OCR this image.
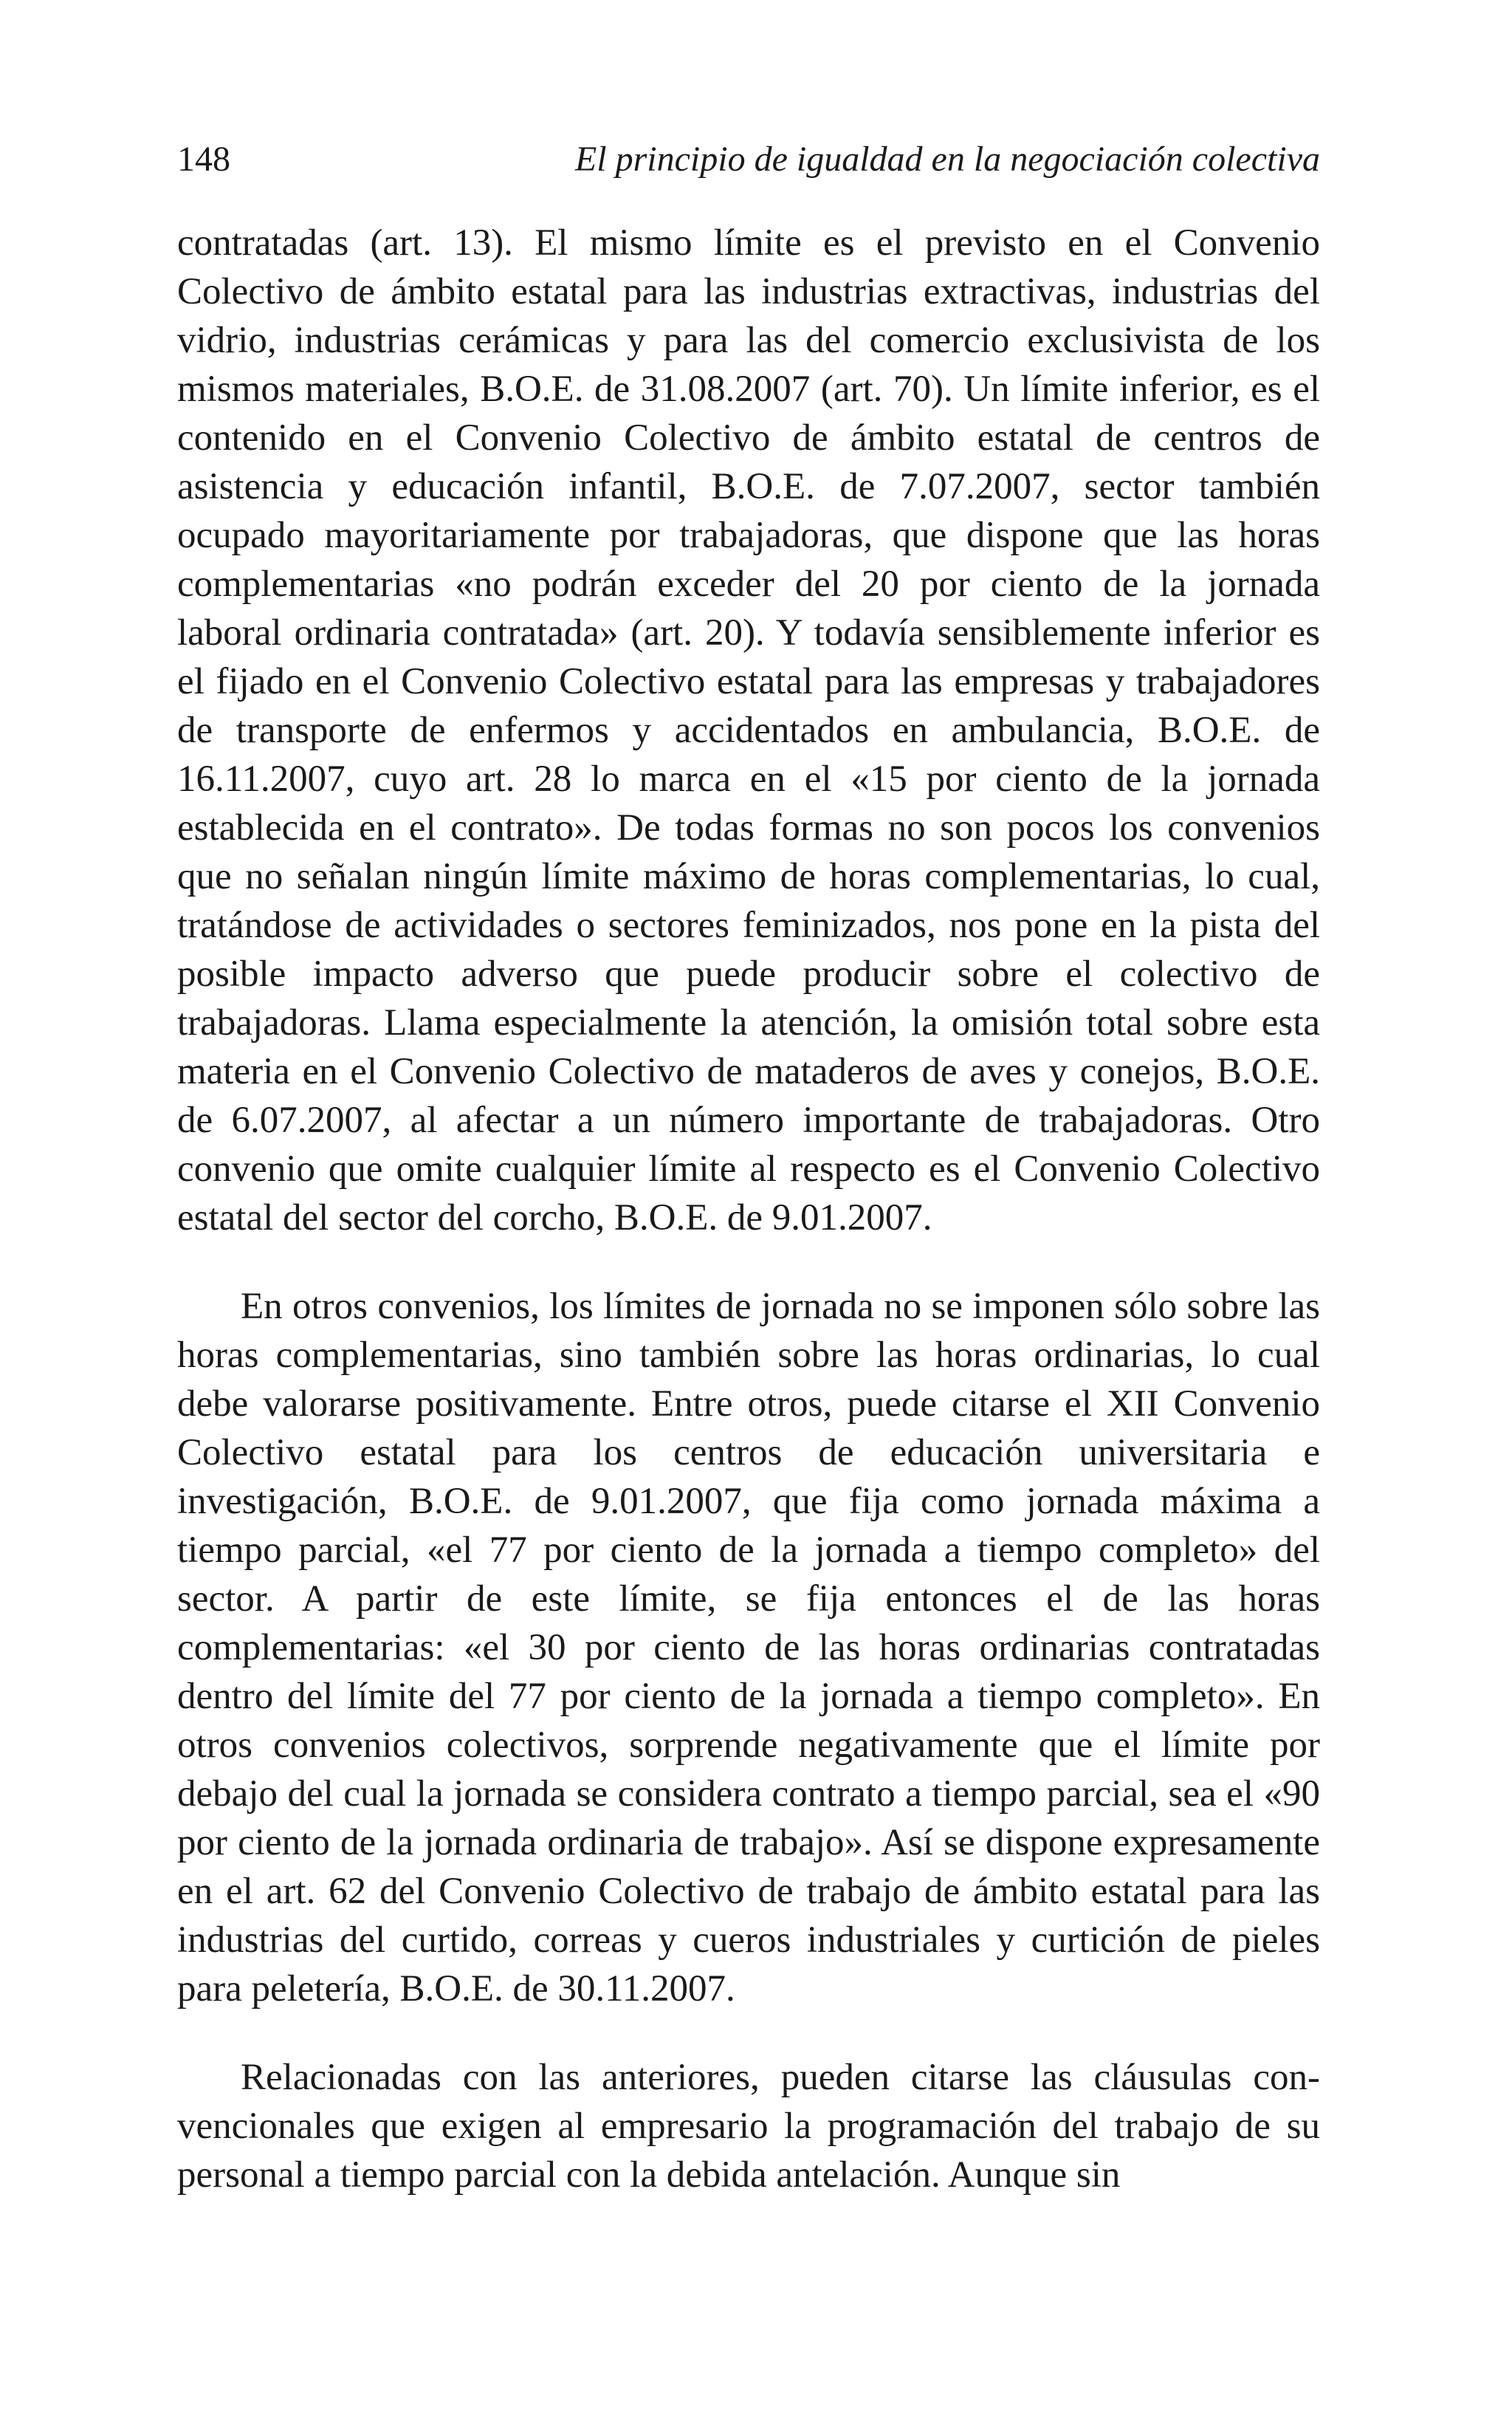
148	El principio de igualdad en la negociación colectiva

contratadas (art. 13). El mismo límite es el previsto en el Convenio Colectivo de ámbito estatal para las industrias extractivas, industrias del vidrio, industrias cerámicas y para las del comercio exclusivista de los mismos materiales, B.O.E. de 31.08.2007 (art. 70). Un límite inferior, es el contenido en el Convenio Colectivo de ámbito estatal de centros de asistencia y educación infantil, B.O.E. de 7.07.2007, sector también ocupado mayoritariamente por trabajadoras, que dispone que las horas complementarias «no podrán exceder del 20 por ciento de la jornada laboral ordinaria contratada» (art. 20). Y todavía sensiblemente inferior es el fijado en el Convenio Colectivo estatal para las empresas y trabajadores de transporte de enfermos y accidentados en ambulancia, B.O.E. de 16.11.2007, cuyo art. 28 lo marca en el «15 por ciento de la jornada establecida en el contrato». De todas formas no son pocos los convenios que no señalan ningún límite máximo de horas complementarias, lo cual, tratándose de actividades o sectores feminizados, nos pone en la pista del posible impacto adverso que puede producir sobre el colectivo de trabajadoras. Llama especialmente la atención, la omisión total sobre esta materia en el Convenio Colectivo de mataderos de aves y conejos, B.O.E. de 6.07.2007, al afectar a un número importante de trabajadoras. Otro convenio que omite cualquier límite al respecto es el Convenio Colectivo estatal del sector del corcho, B.O.E. de 9.01.2007.

En otros convenios, los límites de jornada no se imponen sólo sobre las horas complementarias, sino también sobre las horas ordinarias, lo cual debe valorarse positivamente. Entre otros, puede citarse el XII Convenio Colectivo estatal para los centros de educación universitaria e investigación, B.O.E. de 9.01.2007, que fija como jornada máxima a tiempo parcial, «el 77 por ciento de la jornada a tiempo completo» del sector. A partir de este límite, se fija entonces el de las horas complementarias: «el 30 por ciento de las horas ordinarias contratadas dentro del límite del 77 por ciento de la jornada a tiempo completo». En otros convenios colectivos, sorprende negativamente que el límite por debajo del cual la jornada se considera contrato a tiempo parcial, sea el «90 por ciento de la jornada ordinaria de trabajo». Así se dispone expresamente en el art. 62 del Convenio Colectivo de trabajo de ámbito estatal para las industrias del curtido, correas y cueros industriales y curtición de pieles para peletería, B.O.E. de 30.11.2007.

Relacionadas con las anteriores, pueden citarse las cláusulas convencionales que exigen al empresario la programación del trabajo de su personal a tiempo parcial con la debida antelación. Aunque sin
